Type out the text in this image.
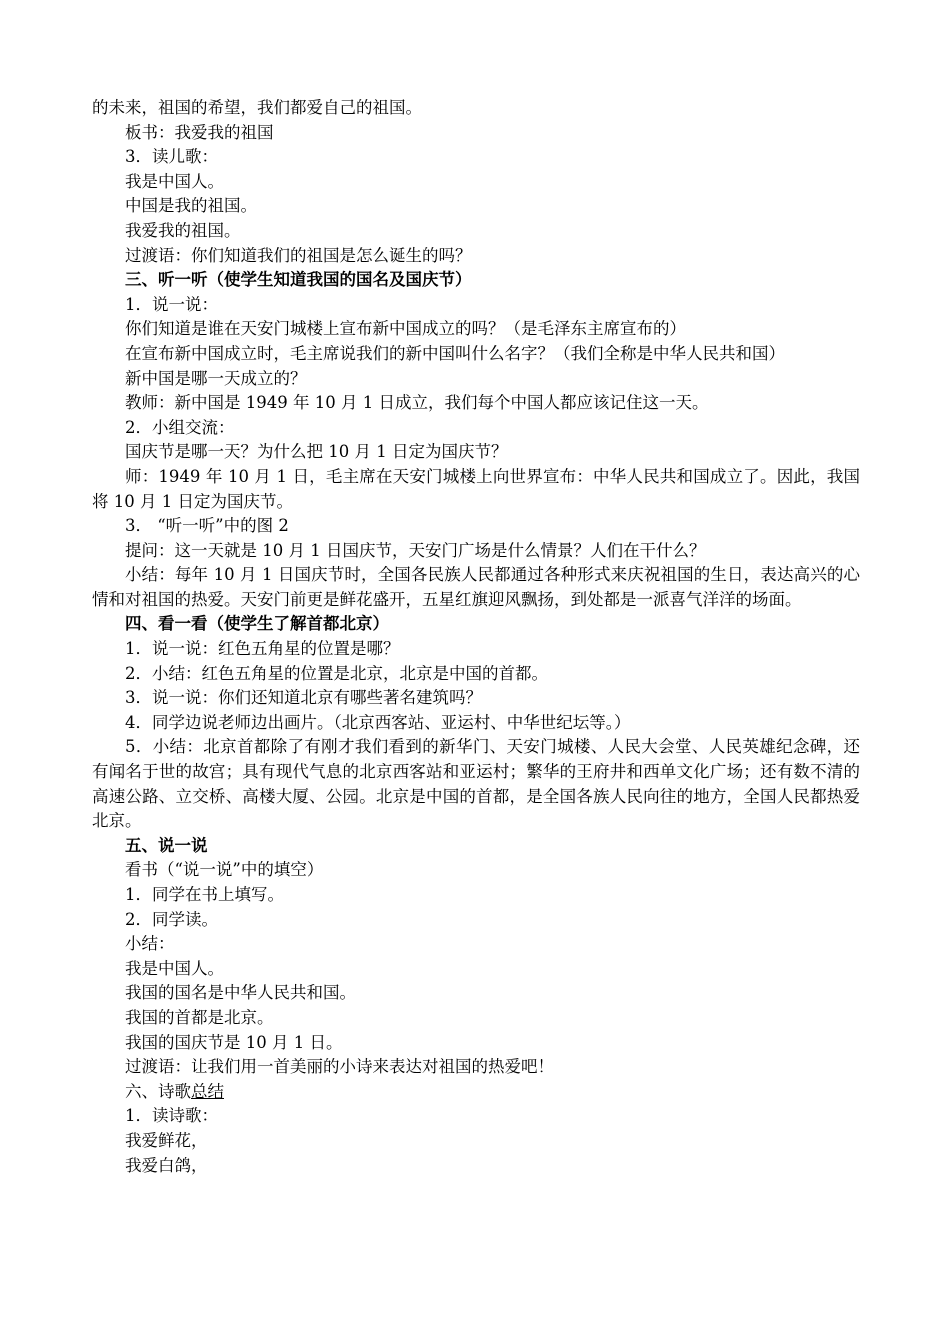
的未来，祖国的希望，我们都爱自己的祖国。

板书：我爱我的祖国

3．读儿歌：

我是中国人。

中国是我的祖国。

我爱我的祖国。

过渡语：你们知道我们的祖国是怎么诞生的吗？

三、听一听（使学生知道我国的国名及国庆节）

1．说一说：

你们知道是谁在天安门城楼上宣布新中国成立的吗？（是毛泽东主席宣布的）

在宣布新中国成立时，毛主席说我们的新中国叫什么名字？（我们全称是中华人民共和国）

新中国是哪一天成立的？

教师：新中国是 1949 年 10 月 1 日成立，我们每个中国人都应该记住这一天。

2．小组交流：

国庆节是哪一天？为什么把 10 月 1 日定为国庆节？

师：1949 年 10 月 1 日，毛主席在天安门城楼上向世界宣布：中华人民共和国成立了。因此，我国将 10 月 1 日定为国庆节。

3． “听一听”中的图 2

提问：这一天就是 10 月 1 日国庆节，天安门广场是什么情景？人们在干什么？

小结：每年 10 月 1 日国庆节时，全国各民族人民都通过各种形式来庆祝祖国的生日，表达高兴的心情和对祖国的热爱。天安门前更是鲜花盛开，五星红旗迎风飘扬，到处都是一派喜气洋洋的场面。

四、看一看（使学生了解首都北京）

1．说一说：红色五角星的位置是哪？

2．小结：红色五角星的位置是北京，北京是中国的首都。

3．说一说：你们还知道北京有哪些著名建筑吗？

4．同学边说老师边出画片。（北京西客站、亚运村、中华世纪坛等。）

5．小结：北京首都除了有刚才我们看到的新华门、天安门城楼、人民大会堂、人民英雄纪念碑，还有闻名于世的故宫；具有现代气息的北京西客站和亚运村；繁华的王府井和西单文化广场；还有数不清的高速公路、立交桥、高楼大厦、公园。北京是中国的首都，是全国各族人民向往的地方，全国人民都热爱北京。

五、说一说

看书（“说一说”中的填空）

1．同学在书上填写。

2．同学读。

小结：

我是中国人。

我国的国名是中华人民共和国。

我国的首都是北京。

我国的国庆节是 10 月 1 日。

过渡语：让我们用一首美丽的小诗来表达对祖国的热爱吧！

六、诗歌总结

1．读诗歌：

我爱鲜花，

我爱白鸽，
